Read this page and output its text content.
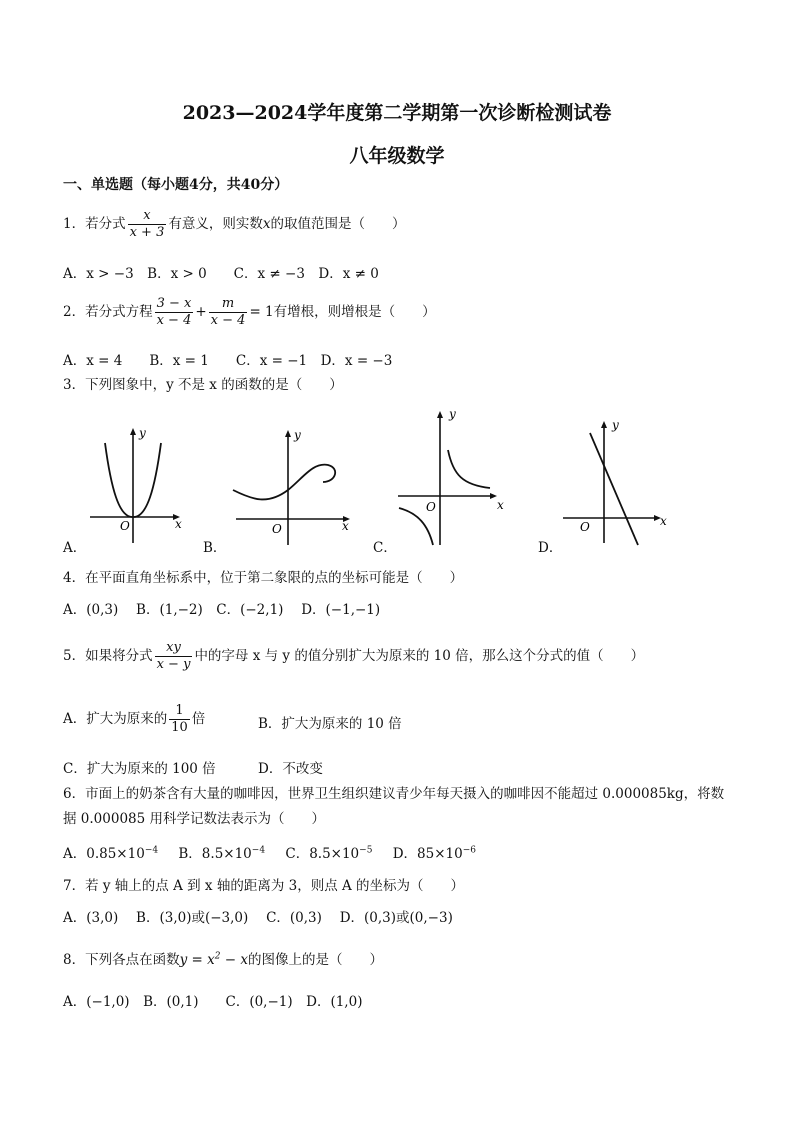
2023—2024学年度第二学期第一次诊断检测试卷
八年级数学
一、单选题（每小题4分，共40分）
1．若分式 $\frac{x}{x + 3}$ 有意义，则实数x的取值范围是（　　）
A．x > −3　B．x > 0　　C．x ≠ −3　D．x ≠ 0
2．若分式方程 $\frac{3 - x}{x - 4} + \frac{m}{x - 4} = 1$有增根，则增根是（　　）
A．x = 4　　B．x = 1　　C．x = −1　D．x = −3
3．下列图象中，y 不是 x 的函数的是（　　）
y
x
O
y
x
O
y
x
O
y
x
O
A．	B．	C．	D．
4．在平面直角坐标系中，位于第二象限的点的坐标可能是（　　）
A．(0,3)　 B．(1,−2)　C．(−2,1)　 D．(−1,−1)
5．如果将分式 $\frac{xy}{x - y}$ 中的字母 x 与 y 的值分别扩大为原来的 10 倍，那么这个分式的值（　　）
A．扩大为原来的 $\frac{1}{10}$ 倍	B．扩大为原来的 10 倍
C．扩大为原来的 100 倍	D．不改变
6．市面上的奶茶含有大量的咖啡因，世界卫生组织建议青少年每天摄入的咖啡因不能超过 0.000085kg，将数
据 0.000085 用科学记数法表示为（　　）
A．$0.85\times 10^{-4}$ B．$8.5\times 10^{-4}$ C．$8.5\times 10^{-5}$ D．$85\times 10^{-6}$
7．若 y 轴上的点 A 到 x 轴的距离为 3，则点 A 的坐标为（　　）
A．(3,0)　 B．(3,0)或(−3,0)　 C．(0,3)　 D．(0,3)或(0,−3)
8．下列各点在函数$y = x^2 - x$的图像上的是（　　）
A．(−1,0)　B．(0,1)　　C．(0,−1)　D．(1,0)
